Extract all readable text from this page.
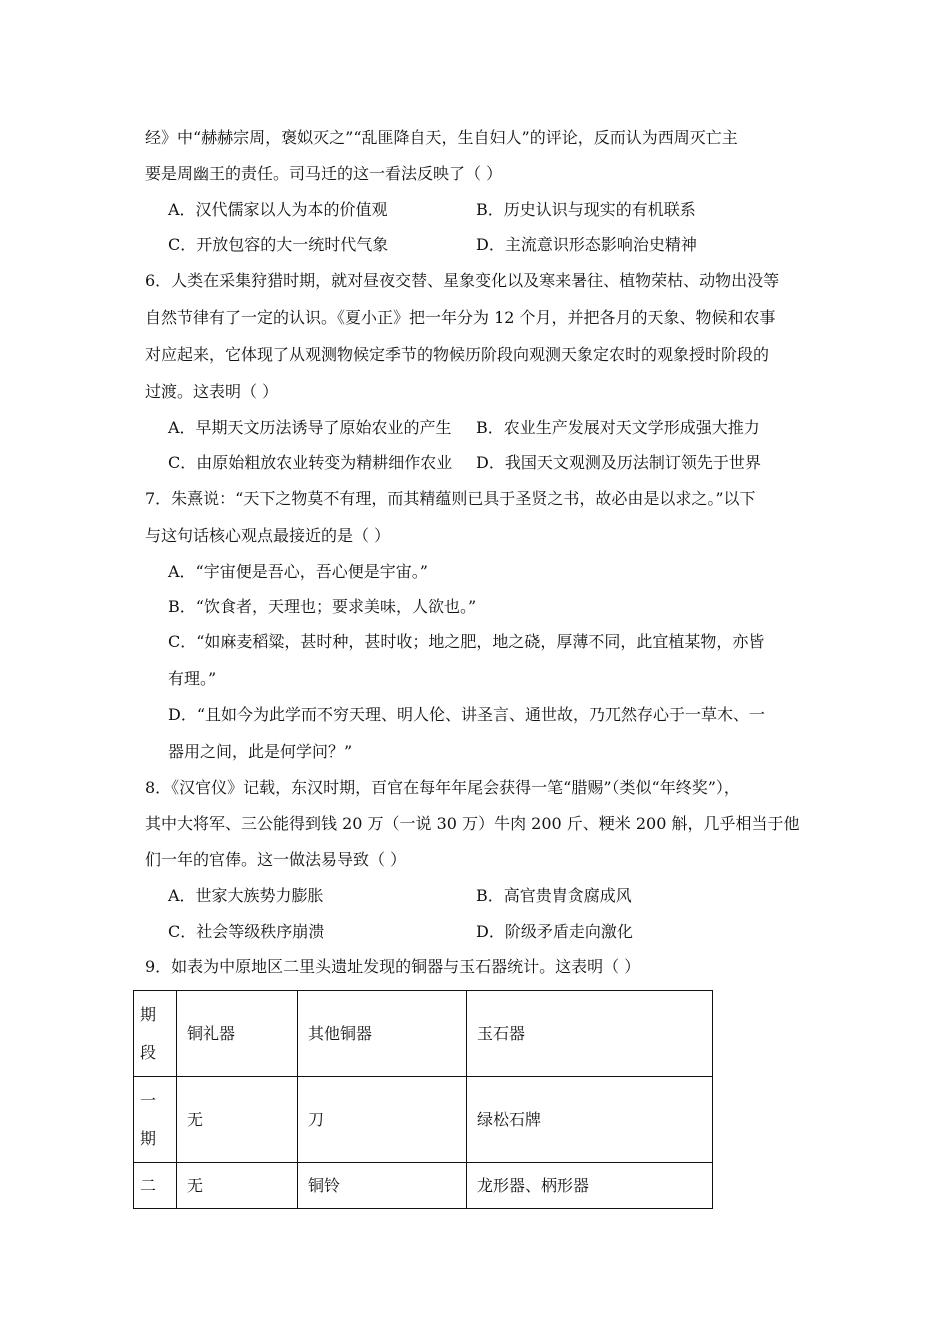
经》中“赫赫宗周，褒姒灭之”“乱匪降自天，生自妇人”的评论，反而认为西周灭亡主
要是周幽王的责任。司马迁的这一看法反映了（ ）
A．汉代儒家以人为本的价值观	B．历史认识与现实的有机联系
C．开放包容的大一统时代气象	D．主流意识形态影响治史精神
6．人类在采集狩猎时期，就对昼夜交替、星象变化以及寒来暑往、植物荣枯、动物出没等
自然节律有了一定的认识。《夏小正》把一年分为 12 个月，并把各月的天象、物候和农事
对应起来，它体现了从观测物候定季节的物候历阶段向观测天象定农时的观象授时阶段的
过渡。这表明（ ）
A．早期天文历法诱导了原始农业的产生 B．农业生产发展对天文学形成强大推力
C．由原始粗放农业转变为精耕细作农业 D．我国天文观测及历法制订领先于世界
7．朱熹说：“天下之物莫不有理，而其精蕴则已具于圣贤之书，故必由是以求之。”以下
与这句话核心观点最接近的是（ ）
A．“宇宙便是吾心，吾心便是宇宙。”
B．“饮食者，天理也；要求美味，人欲也。”
C．“如麻麦稻粱，甚时种，甚时收；地之肥，地之硗，厚薄不同，此宜植某物，亦皆
有理。”
D．“且如今为此学而不穷天理、明人伦、讲圣言、通世故，乃兀然存心于一草木、一
器用之间，此是何学问？”
8．《汉官仪》记载，东汉时期，百官在每年年尾会获得一笔“腊赐”（类似“年终奖”），
其中大将军、三公能得到钱 20 万（一说 30 万）牛肉 200 斤、粳米 200 斛，几乎相当于他
们一年的官俸。这一做法易导致（ ）
A．世家大族势力膨胀	B．高官贵胄贪腐成风
C．社会等级秩序崩溃	D．阶级矛盾走向激化
9．如表为中原地区二里头遗址发现的铜器与玉石器统计。这表明（ ）
期段	铜礼器	其他铜器	玉石器

一期	无	刀	绿松石牌
二	无	铜铃	龙形器、柄形器
